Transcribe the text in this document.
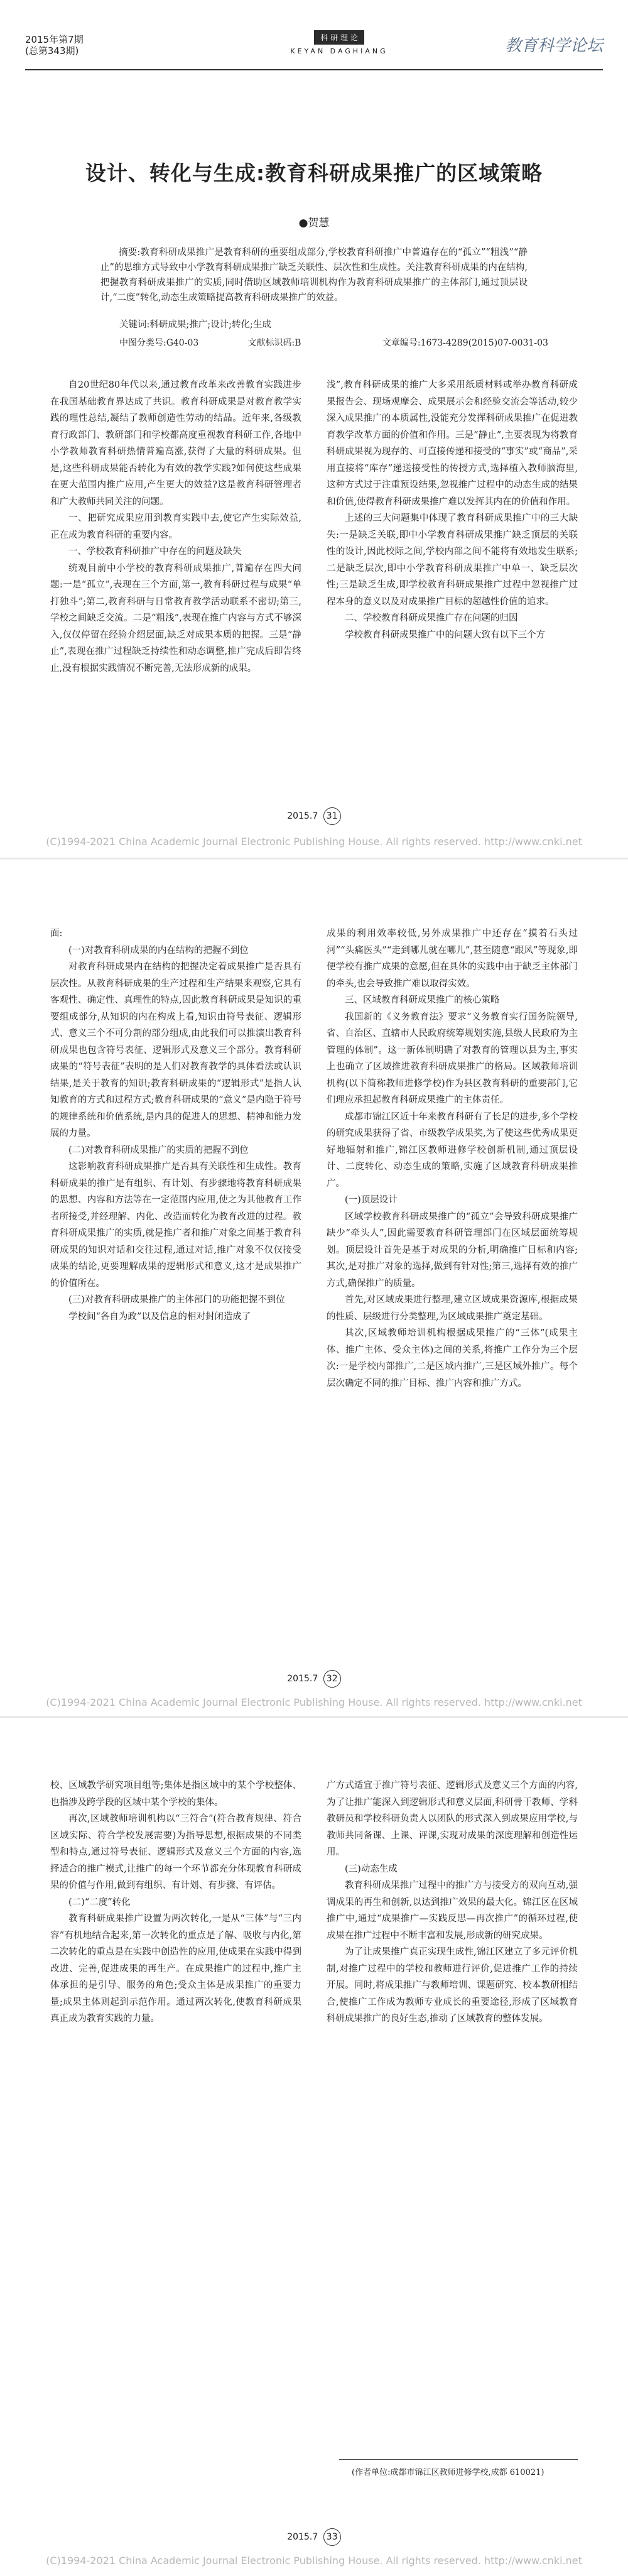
2015年第7期
(总第343期)
科 研 理 论
KEYAN DAGHIANG	教育科学论坛
设计、转化与生成:教育科研成果推广的区域策略
●贺慧
摘要:教育科研成果推广是教育科研的重要组成部分,学校教育科研推广中普遍存在的“孤立”“粗浅”“静止”的思维方式导致中小学教育科研成果推广缺乏关联性、层次性和生成性。关注教育科研成果的内在结构,把握教育科研成果推广的实质,同时借助区域教师培训机构作为教育科研成果推广的主体部门,通过顶层设计,“二度”转化,动态生成策略提高教育科研成果推广的效益。
关键词:科研成果;推广;设计;转化;生成
中图分类号:G40-03	文献标识码:B	文章编号:1673-4289(2015)07-0031-03

自20世纪80年代以来,通过教育改革来改善教育实践进步在我国基础教育界达成了共识。教育科研成果是对教育教学实践的理性总结,凝结了教师创造性劳动的结晶。近年来,各级教育行政部门、教研部门和学校都高度重视教育科研工作,各地中小学教师教育科研热情普遍高涨,获得了大量的科研成果。但是,这些科研成果能否转化为有效的教学实践?如何使这些成果在更大范围内推广应用,产生更大的效益?这是教育科研管理者和广大教师共同关注的问题。

一、把研究成果应用到教育实践中去,使它产生实际效益,正在成为教育科研的重要内容。

一、学校教育科研推广中存在的问题及缺失

统观目前中小学校的教育科研成果推广,普遍存在四大问题:一是“孤立”,表现在三个方面,第一,教育科研过程与成果“单打独斗”;第二,教育科研与日常教育教学活动联系不密切;第三,学校之间缺乏交流。二是“粗浅”,表现在推广内容与方式不够深入,仅仅停留在经验介绍层面,缺乏对成果本质的把握。三是“静止”,表现在推广过程缺乏持续性和动态调整,推广完成后即告终止,没有根据实践情况不断完善,无法形成新的成果。

浅”,教育科研成果的推广大多采用纸质材料或举办教育科研成果报告会、现场观摩会、成果展示会和经验交流会等活动,较少深入成果推广的本质属性,没能充分发挥科研成果推广在促进教育教学改革方面的价值和作用。三是“静止”,主要表现为将教育科研成果视为现存的、可直接传递和接受的“事实”或“商品”,采用直接将“库存”递送接受性的传授方式,选择植入教师脑海里,这种方式过于注重预设结果,忽视推广过程中的动态生成的结果和价值,使得教育科研成果推广难以发挥其内在的价值和作用。

上述的三大问题集中体现了教育科研成果推广中的三大缺失:一是缺乏关联,即中小学教育科研成果推广缺乏顶层的关联性的设计,因此校际之间,学校内部之间不能将有效地发生联系;二是缺乏层次,即中小学教育科研成果推广中单一、缺乏层次性;三是缺乏生成,即学校教育科研成果推广过程中忽视推广过程本身的意义以及对成果推广目标的超越性价值的追求。

二、学校教育科研成果推广存在问题的归因

学校教育科研成果推广中的问题大致有以下三个方

2015.7 31
(C)1994-2021 China Academic Journal Electronic Publishing House. All rights reserved. http://www.cnki.net

面:

(一)对教育科研成果的内在结构的把握不到位

对教育科研成果内在结构的把握决定着成果推广是否具有层次性。从教育科研成果的生产过程和生产结果来观察,它具有客观性、确定性、真理性的特点,因此教育科研成果是知识的重要组成部分,从知识的内在构成上看,知识由符号表征、逻辑形式、意义三个不可分割的部分组成,由此我们可以推演出教育科研成果也包含符号表征、逻辑形式及意义三个部分。教育科研成果的“符号表征”表明的是人们对教育教学的具体看法或认识结果,是关于教育的知识;教育科研成果的“逻辑形式”是指人认知教育的方式和过程方式;教育科研成果的“意义”是内隐于符号的规律系统和价值系统,是内具的促进人的思想、精神和能力发展的力量。

(二)对教育科研成果推广的实质的把握不到位

这影响教育科研成果推广是否具有关联性和生成性。教育科研成果的推广是有组织、有计划、有步骤地将教育科研成果的思想、内容和方法等在一定范围内应用,使之为其他教育工作者所接受,并经理解、内化、改造而转化为教育改进的过程。教育科研成果推广的实质,就是推广者和推广对象之间基于教育科研成果的知识对话和交往过程,通过对话,推广对象不仅仅接受成果的结论,更要理解成果的逻辑形式和意义,这才是成果推广的价值所在。

(三)对教育科研成果推广的主体部门的功能把握不到位

学校间“各自为政”以及信息的相对封闭造成了

成果的利用效率较低,另外成果推广中还存在“摸着石头过河”“头痛医头”“走到哪儿就在哪儿”,甚至随意“跟风”等现象,即便学校有推广成果的意愿,但在具体的实践中由于缺乏主体部门的牵头,也会导致推广难以取得实效。

三、区域教育科研成果推广的核心策略

我国新的《义务教育法》要求“义务教育实行国务院领导,省、自治区、直辖市人民政府统筹规划实施,县级人民政府为主管理的体制”。这一新体制明确了对教育的管理以县为主,事实上也确立了区域推进教育科研成果推广的格局。区域教师培训机构(以下简称教师进修学校)作为县区教育科研的重要部门,它们理应承担起教育科研成果推广的主体责任。

成都市锦江区近十年来教育科研有了长足的进步,多个学校的研究成果获得了省、市级教学成果奖,为了使这些优秀成果更好地辐射和推广,锦江区教师进修学校创新机制,通过顶层设计、二度转化、动态生成的策略,实施了区域教育科研成果推广。

(一)顶层设计

区域学校教育科研成果推广的“孤立”会导致科研成果推广缺少“牵头人”,因此需要教育科研管理部门在区域层面统筹规划。顶层设计首先是基于对成果的分析,明确推广目标和内容;其次,是对推广对象的选择,做到有针对性;第三,选择有效的推广方式,确保推广的质量。

首先,对区域成果进行整理,建立区域成果资源库,根据成果的性质、层级进行分类整理,为区域成果推广奠定基础。

其次,区域教师培训机构根据成果推广的“三体”(成果主体、推广主体、受众主体)之间的关系,将推广工作分为三个层次:一是学校内部推广,二是区域内推广,三是区域外推广。每个层次确定不同的推广目标、推广内容和推广方式。

2015.7 32
(C)1994-2021 China Academic Journal Electronic Publishing House. All rights reserved. http://www.cnki.net

校、区域教学研究项目组等;集体是指区域中的某个学校整体、也指涉及跨学段的区域中某个学校的集体。

再次,区域教师培训机构以“三符合”(符合教育规律、符合区域实际、符合学校发展需要)为指导思想,根据成果的不同类型和特点,通过符号表征、逻辑形式及意义三个方面的内容,选择适合的推广模式,让推广的每一个环节都充分体现教育科研成果的价值与作用,做到有组织、有计划、有步骤、有评估。

(二)“二度”转化

教育科研成果推广设置为两次转化,一是从“三体”与“三内容”有机地结合起来,第一次转化的重点是了解、吸收与内化,第二次转化的重点是在实践中创造性的应用,使成果在实践中得到改进、完善,促进成果的再生产。在成果推广的过程中,推广主体承担的是引导、服务的角色;受众主体是成果推广的重要力量;成果主体则起到示范作用。通过两次转化,使教育科研成果真正成为教育实践的力量。

广方式适宜于推广符号表征、逻辑形式及意义三个方面的内容,为了让推广能深入到逻辑形式和意义层面,科研骨干教师、学科教研员和学校科研负责人以团队的形式深入到成果应用学校,与教师共同备课、上课、评课,实现对成果的深度理解和创造性运用。

(三)动态生成

教育科研成果推广过程中的推广方与接受方的双向互动,强调成果的再生和创新,以达到推广效果的最大化。锦江区在区域推广中,通过“成果推广—实践反思—再次推广”的循环过程,使成果在推广过程中不断丰富和发展,形成新的研究成果。

为了让成果推广真正实现生成性,锦江区建立了多元评价机制,对推广过程中的学校和教师进行评价,促进推广工作的持续开展。同时,将成果推广与教师培训、课题研究、校本教研相结合,使推广工作成为教师专业成长的重要途径,形成了区域教育科研成果推广的良好生态,推动了区域教育的整体发展。

(作者单位:成都市锦江区教师进修学校,成都 610021)
2015.7 33
(C)1994-2021 China Academic Journal Electronic Publishing House. All rights reserved. http://www.cnki.net
